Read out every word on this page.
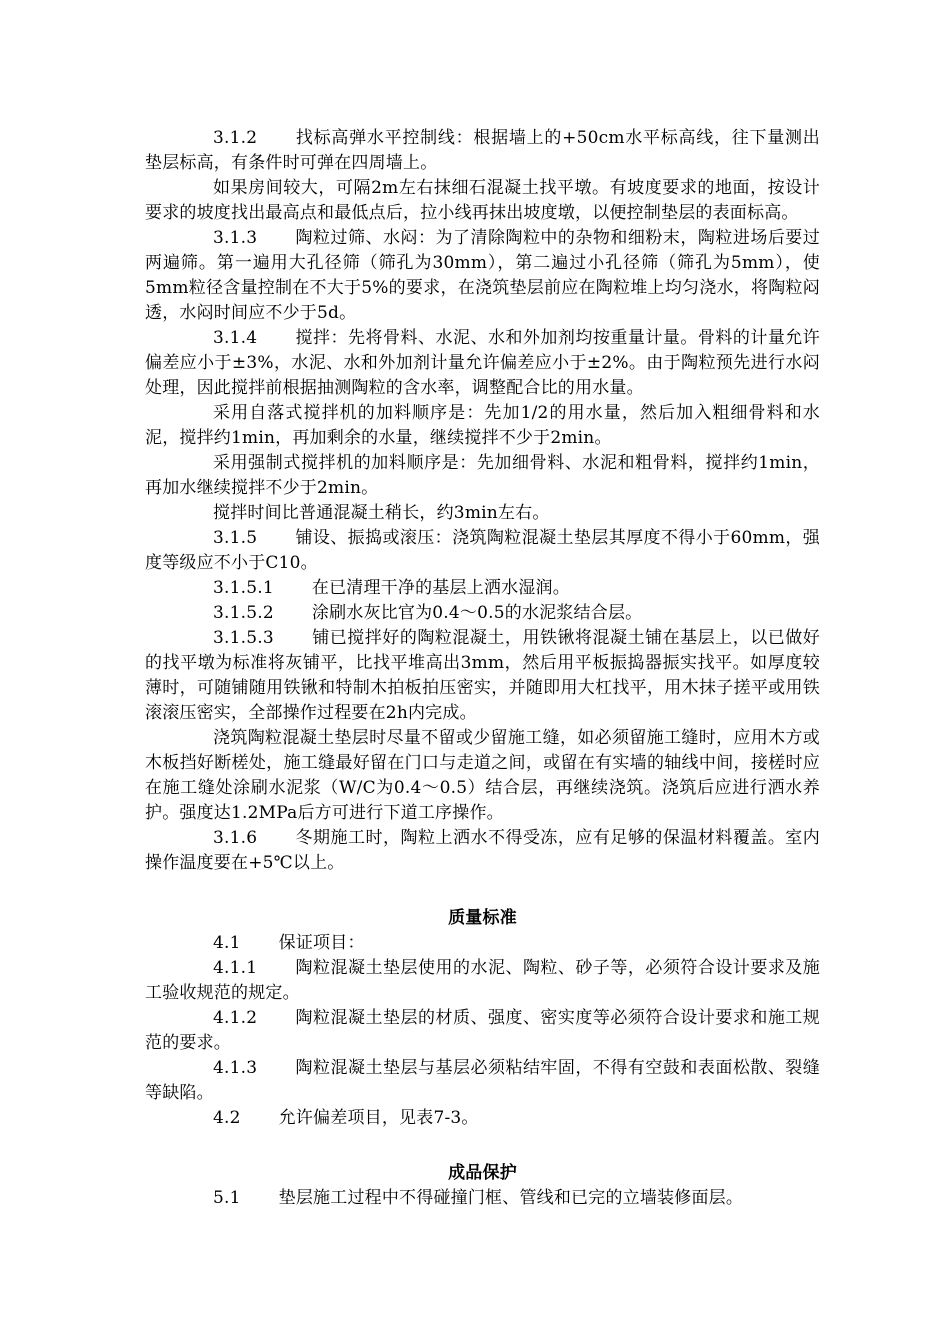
3.1.2 找标高弹水平控制线：根据墙上的+50cm水平标高线，往下量测出垫层标高，有条件时可弹在四周墙上。

如果房间较大，可隔2m左右抹细石混凝土找平墩。有坡度要求的地面，按设计要求的坡度找出最高点和最低点后，拉小线再抹出坡度墩，以便控制垫层的表面标高。

3.1.3 陶粒过筛、水闷：为了清除陶粒中的杂物和细粉末，陶粒进场后要过两遍筛。第一遍用大孔径筛（筛孔为30mm），第二遍过小孔径筛（筛孔为5mm），使5mm粒径含量控制在不大于5%的要求，在浇筑垫层前应在陶粒堆上均匀浇水，将陶粒闷透，水闷时间应不少于5d。

3.1.4 搅拌：先将骨料、水泥、水和外加剂均按重量计量。骨料的计量允许偏差应小于±3%，水泥、水和外加剂计量允许偏差应小于±2%。由于陶粒预先进行水闷处理，因此搅拌前根据抽测陶粒的含水率，调整配合比的用水量。

采用自落式搅拌机的加料顺序是：先加1/2的用水量，然后加入粗细骨料和水泥，搅拌约1min，再加剩余的水量，继续搅拌不少于2min。

采用强制式搅拌机的加料顺序是：先加细骨料、水泥和粗骨料，搅拌约1min，再加水继续搅拌不少于2min。

搅拌时间比普通混凝土稍长，约3min左右。

3.1.5 铺设、振捣或滚压：浇筑陶粒混凝土垫层其厚度不得小于60mm，强度等级应不小于C10。

3.1.5.1 在已清理干净的基层上洒水湿润。

3.1.5.2 涂刷水灰比官为0.4～0.5的水泥浆结合层。

3.1.5.3 铺已搅拌好的陶粒混凝土，用铁锹将混凝土铺在基层上，以已做好的找平墩为标准将灰铺平，比找平堆高出3mm，然后用平板振捣器振实找平。如厚度较薄时，可随铺随用铁锹和特制木拍板拍压密实，并随即用大杠找平，用木抹子搓平或用铁滚滚压密实，全部操作过程要在2h内完成。

浇筑陶粒混凝土垫层时尽量不留或少留施工缝，如必须留施工缝时，应用木方或木板挡好断槎处，施工缝最好留在门口与走道之间，或留在有实墙的轴线中间，接槎时应在施工缝处涂刷水泥浆（W/C为0.4～0.5）结合层，再继续浇筑。浇筑后应进行洒水养护。强度达1.2MPa后方可进行下道工序操作。

3.1.6 冬期施工时，陶粒上洒水不得受冻，应有足够的保温材料覆盖。室内操作温度要在+5℃以上。

质量标准

4.1 保证项目：

4.1.1 陶粒混凝土垫层使用的水泥、陶粒、砂子等，必须符合设计要求及施工验收规范的规定。

4.1.2 陶粒混凝土垫层的材质、强度、密实度等必须符合设计要求和施工规范的要求。

4.1.3 陶粒混凝土垫层与基层必须粘结牢固，不得有空鼓和表面松散、裂缝等缺陷。

4.2 允许偏差项目，见表7-3。

成品保护

5.1 垫层施工过程中不得碰撞门框、管线和已完的立墙装修面层。
